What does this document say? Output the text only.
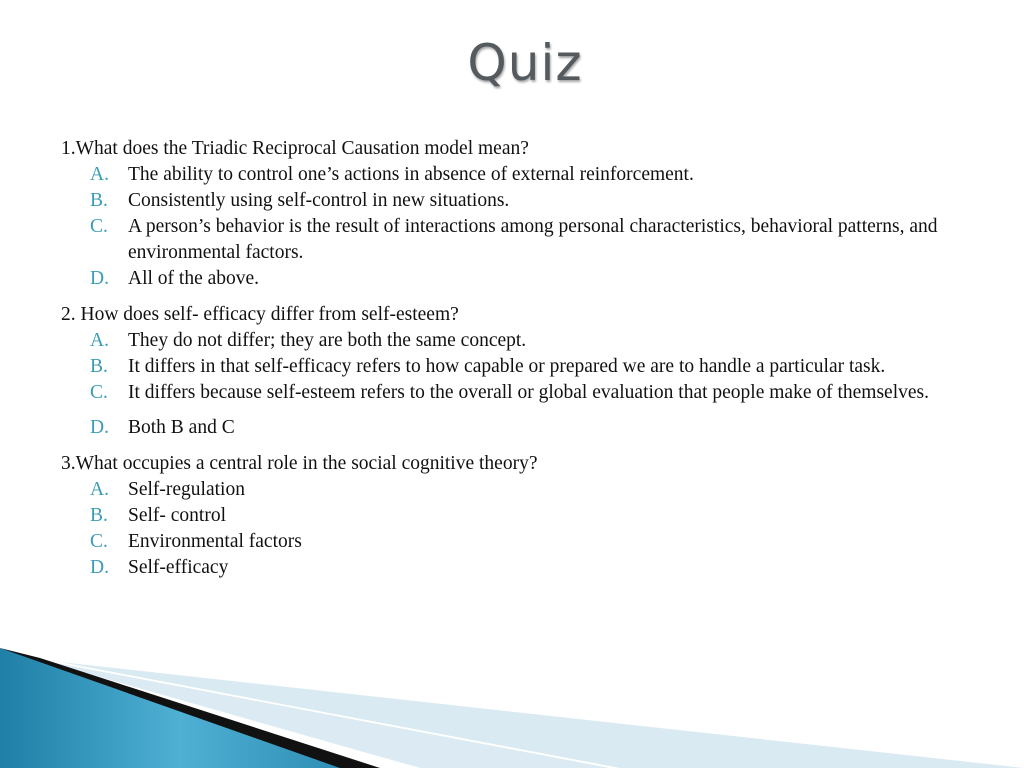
Quiz

1.What does the Triadic Reciprocal Causation model mean?

A. The ability to control one’s actions in absence of external reinforcement.
B.	Consistently using self-control in new situations.
C.	A person’s behavior is the result of interactions among personal characteristics, behavioral patterns, and environmental factors.
D. All of the above.

2. How does self- efficacy differ from self-esteem?

A. They do not differ; they are both the same concept.
B.	It differs in that self-efficacy refers to how capable or prepared we are to handle a particular task.
C.	It differs because self-esteem refers to the overall or global evaluation that people make of themselves.
D. Both B and C

3.What occupies a central role in the social cognitive theory?

A. Self-regulation
B.	Self- control
C.	Environmental factors
D. Self-efficacy
